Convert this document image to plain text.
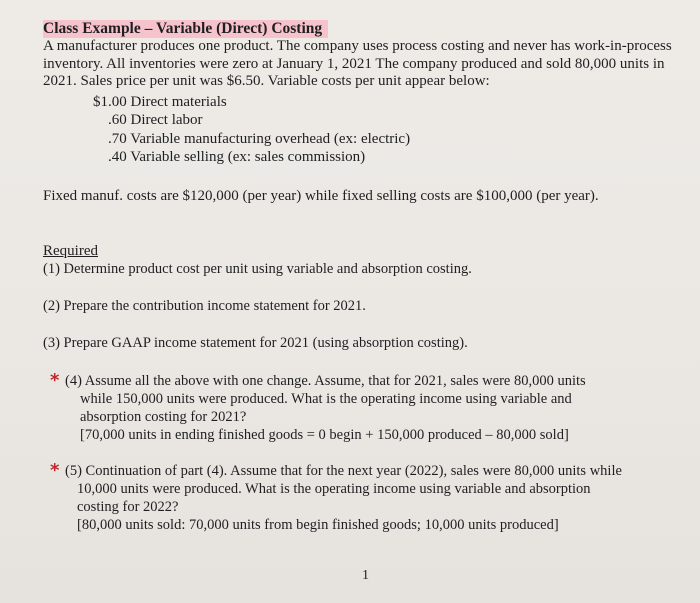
Class Example – Variable (Direct) Costing
A manufacturer produces one product. The company uses process costing and never has work-in-process inventory. All inventories were zero at January 1, 2021 The company produced and sold 80,000 units in 2021. Sales price per unit was $6.50. Variable costs per unit appear below:
$1.00 Direct materials
.60 Direct labor
.70 Variable manufacturing overhead (ex: electric)
.40 Variable selling (ex: sales commission)
Fixed manuf. costs are $120,000 (per year) while fixed selling costs are $100,000 (per year).
Required
(1) Determine product cost per unit using variable and absorption costing.
(2) Prepare the contribution income statement for 2021.
(3) Prepare GAAP income statement for 2021 (using absorption costing).
* (4) Assume all the above with one change. Assume, that for 2021, sales were 80,000 units
while 150,000 units were produced. What is the operating income using variable and
absorption costing for 2021?
[70,000 units in ending finished goods = 0 begin + 150,000 produced – 80,000 sold]
* (5) Continuation of part (4). Assume that for the next year (2022), sales were 80,000 units while
10,000 units were produced. What is the operating income using variable and absorption
costing for 2022?
[80,000 units sold: 70,000 units from begin finished goods; 10,000 units produced]
1
